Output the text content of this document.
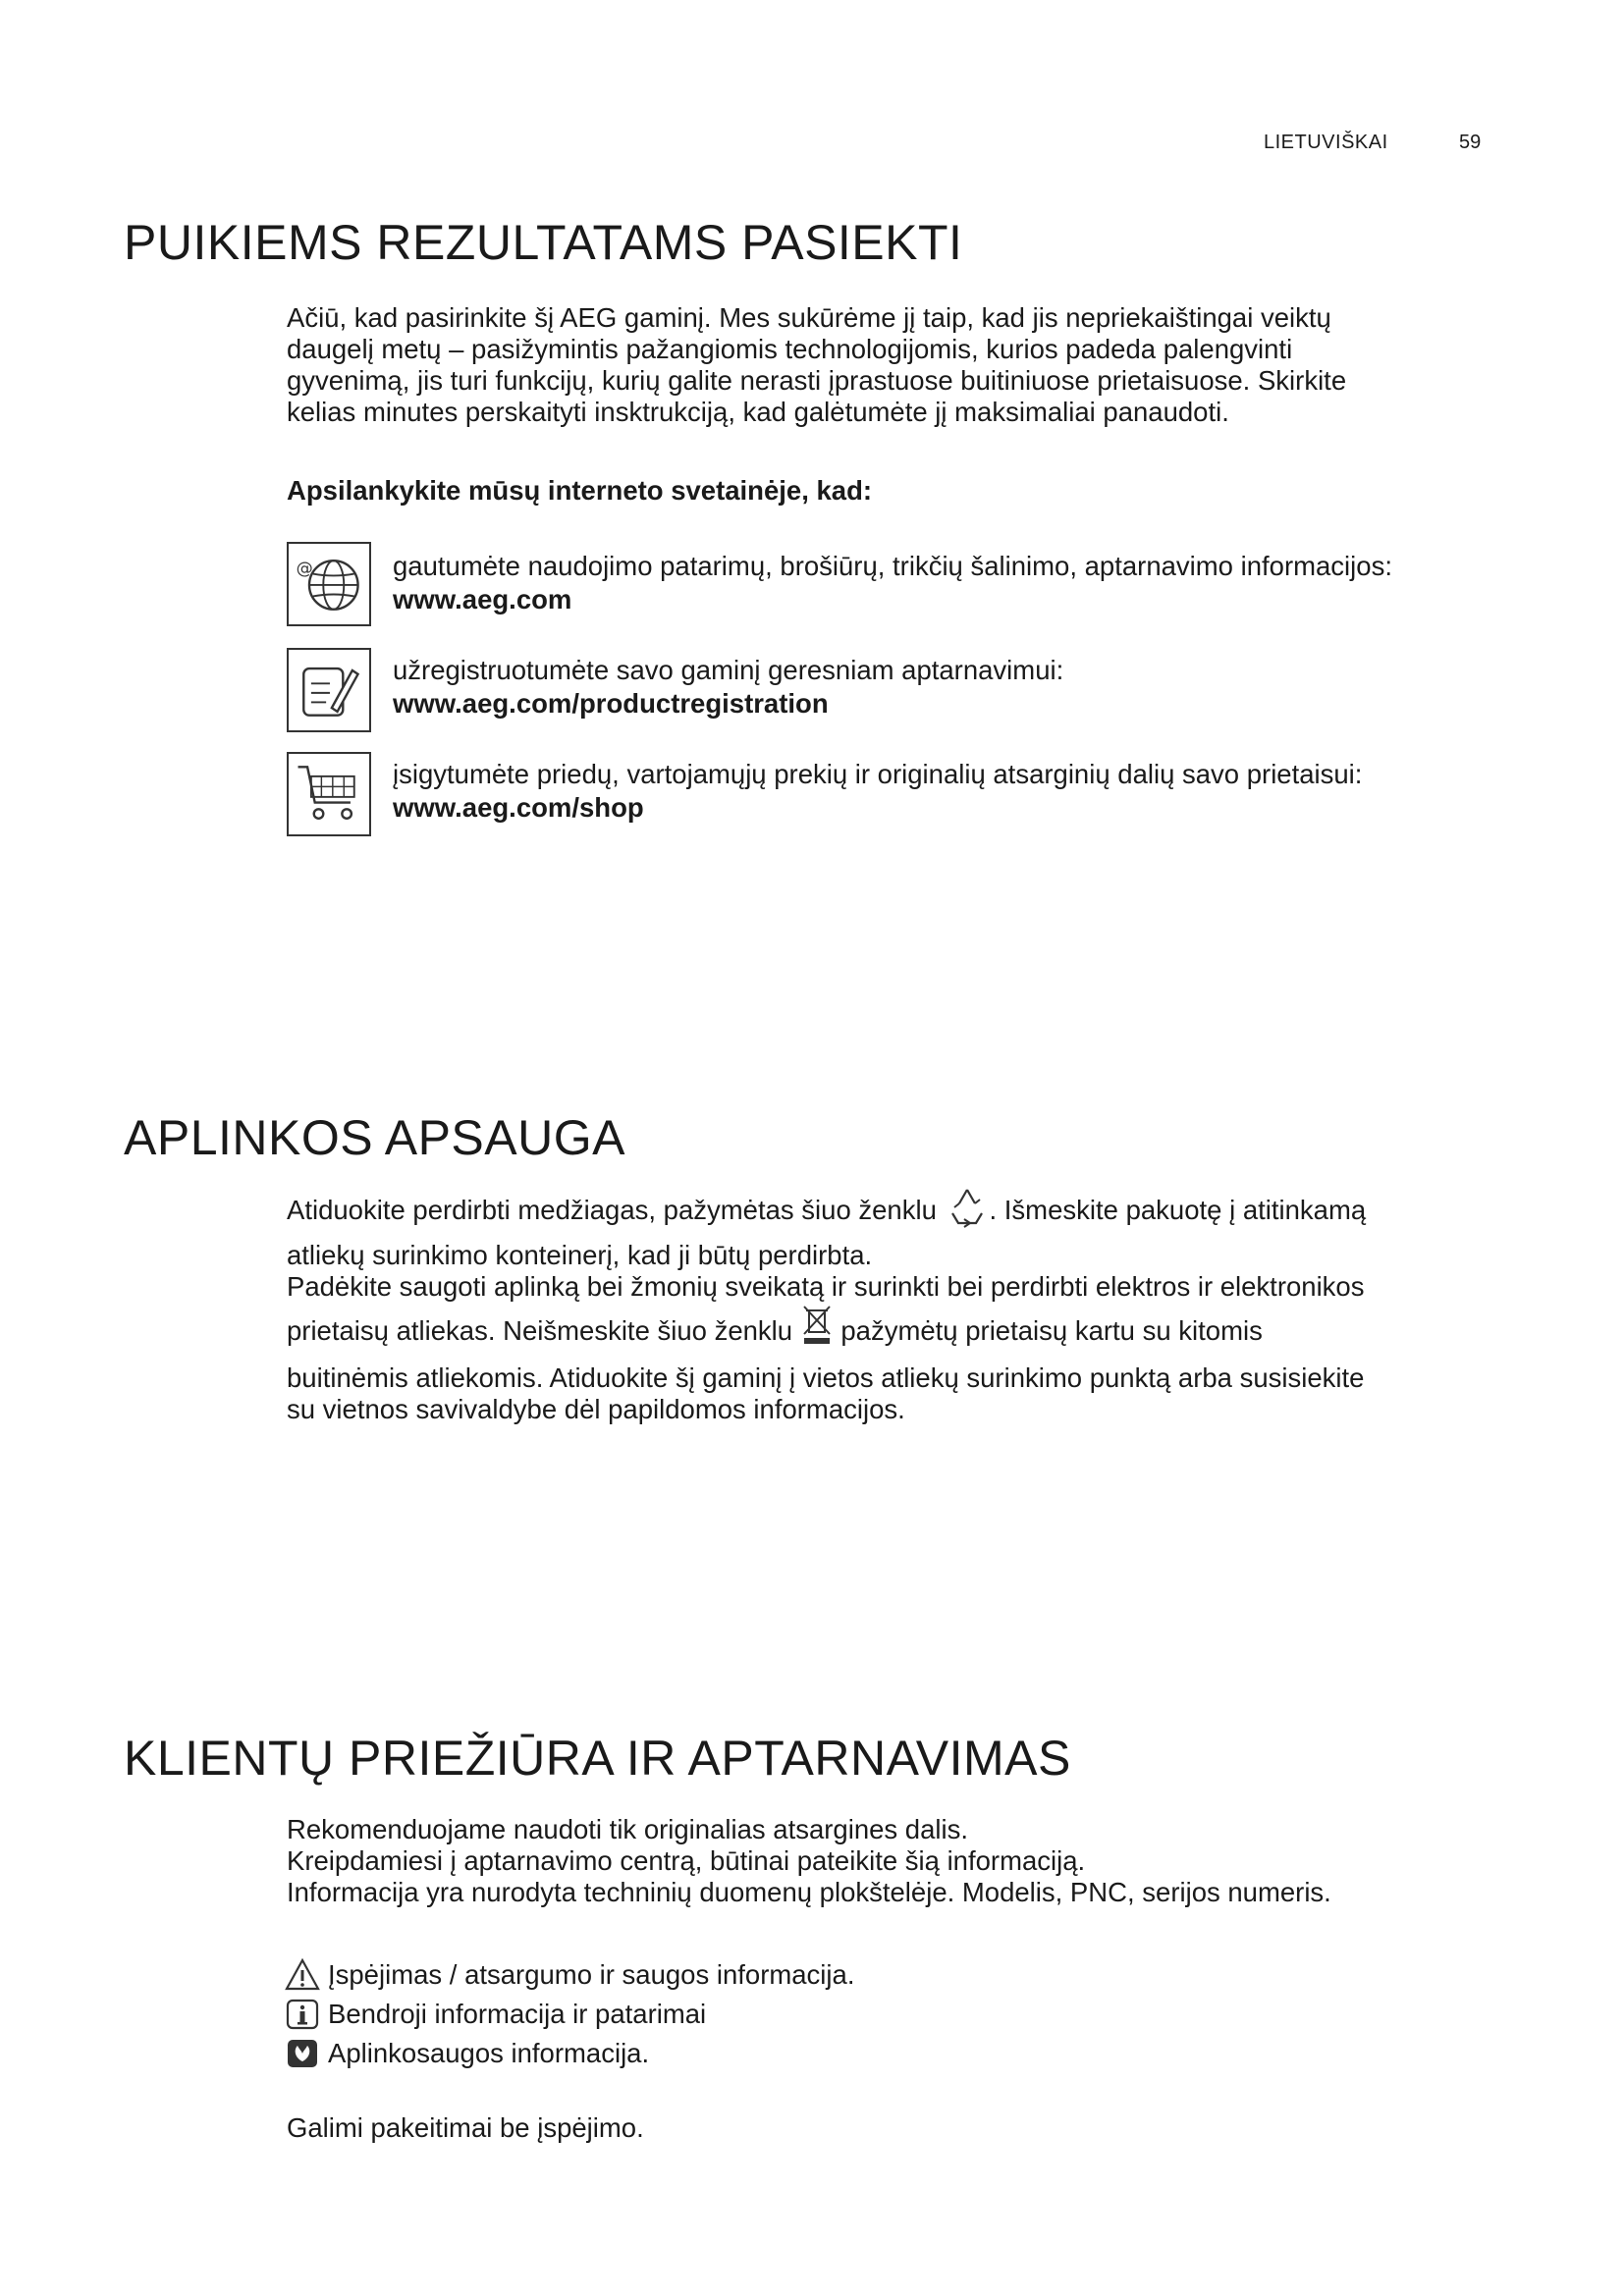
LIETUVIŠKAI	59
PUIKIEMS REZULTATAMS PASIEKTI

Ačiū, kad pasirinkite šį AEG gaminį. Mes sukūrėme jį taip, kad jis nepriekaištingai veiktų

daugelį metų – pasižymintis pažangiomis technologijomis, kurios padeda palengvinti

gyvenimą, jis turi funkcijų, kurių galite nerasti įprastuose buitiniuose prietaisuose. Skirkite

kelias minutes perskaityti insktrukciją, kad galėtumėte jį maksimaliai panaudoti.

Apsilankykite mūsų interneto svetainėje, kad:

@	gautumėte naudojimo patarimų, brošiūrų, trikčių šalinimo, aptarnavimo informacijos:
www.aeg.com
užregistruotumėte savo gaminį geresniam aptarnavimui:
www.aeg.com/productregistration
įsigytumėte priedų, vartojamųjų prekių ir originalių atsarginių dalių savo prietaisui:
www.aeg.com/shop
APLINKOS APSAUGA

Atiduokite perdirbti medžiagas, pažymėtas šiuo ženklu . Išmeskite pakuotę į atitinkamą

atliekų surinkimo konteinerį, kad ji būtų perdirbta.

Padėkite saugoti aplinką bei žmonių sveikatą ir surinkti bei perdirbti elektros ir elektronikos

prietaisų atliekas. Neišmeskite šiuo ženklu pažymėtų prietaisų kartu su kitomis

buitinėmis atliekomis. Atiduokite šį gaminį į vietos atliekų surinkimo punktą arba susisiekite

su vietnos savivaldybe dėl papildomos informacijos.

KLIENTŲ PRIEŽIŪRA IR APTARNAVIMAS

Rekomenduojame naudoti tik originalias atsargines dalis.

Kreipdamiesi į aptarnavimo centrą, būtinai pateikite šią informaciją.

Informacija yra nurodyta techninių duomenų plokštelėje. Modelis, PNC, serijos numeris.

Įspėjimas / atsargumo ir saugos informacija.
Bendroji informacija ir patarimai
Aplinkosaugos informacija.

Galimi pakeitimai be įspėjimo.
